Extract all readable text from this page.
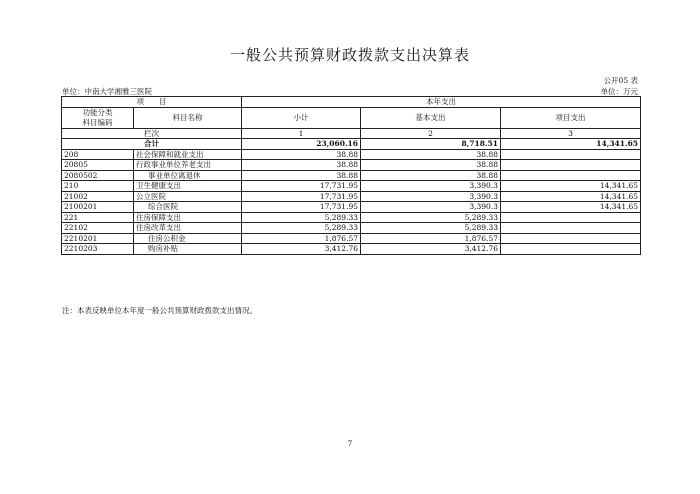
一般公共预算财政拨款支出决算表
公开05 表
单位：中南大学湘雅三医院	单位：万元
项　　目		本年支出		
功能分类
科目编码	科目名称	小计	基本支出	项目支出
栏次		1	2	3
合计		23,060.16	8,718.51	14,341.65
208	社会保障和就业支出	38.88	38.88	
20805	行政事业单位养老支出	38.88	38.88	
2080502	事业单位离退休	38.88	38.88	
210	卫生健康支出	17,731.95	3,390.3	14,341.65
21002	公立医院	17,731.95	3,390.3	14,341.65
2100201	综合医院	17,731.95	3,390.3	14,341.65
221	住房保障支出	5,289.33	5,289.33	
22102	住房改革支出	5,289.33	5,289.33	
2210201	住房公积金	1,876.57	1,876.57	
2210203	购房补贴	3,412.76	3,412.76	
注：本表反映单位本年度一般公共预算财政拨款支出情况。
7
